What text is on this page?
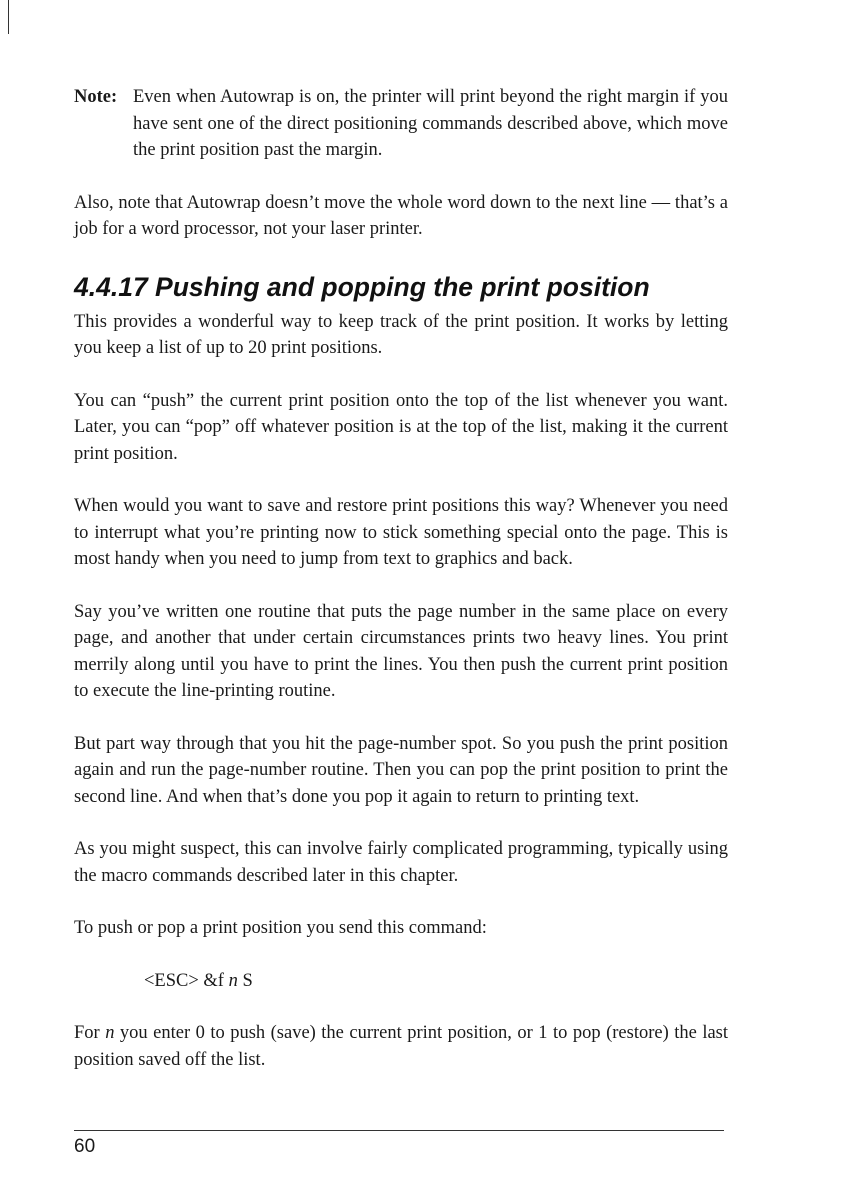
Note: Even when Autowrap is on, the printer will print beyond the right margin if you have sent one of the direct positioning commands described above, which move the print position past the margin.

Also, note that Autowrap doesn’t move the whole word down to the next line — that’s a job for a word processor, not your laser printer.

4.4.17 Pushing and popping the print position

This provides a wonderful way to keep track of the print position. It works by letting you keep a list of up to 20 print positions.

You can “push” the current print position onto the top of the list whenever you want. Later, you can “pop” off whatever position is at the top of the list, making it the current print position.

When would you want to save and restore print positions this way? Whenever you need to interrupt what you’re printing now to stick something special onto the page. This is most handy when you need to jump from text to graphics and back.

Say you’ve written one routine that puts the page number in the same place on every page, and another that under certain circumstances prints two heavy lines. You print merrily along until you have to print the lines. You then push the current print position to execute the line-printing routine.

But part way through that you hit the page-number spot. So you push the print position again and run the page-number routine. Then you can pop the print position to print the second line. And when that’s done you pop it again to return to printing text.

As you might suspect, this can involve fairly complicated programming, typically using the macro commands described later in this chapter.

To push or pop a print position you send this command:

<ESC> &f n S

For n you enter 0 to push (save) the current print position, or 1 to pop (restore) the last position saved off the list.

60
